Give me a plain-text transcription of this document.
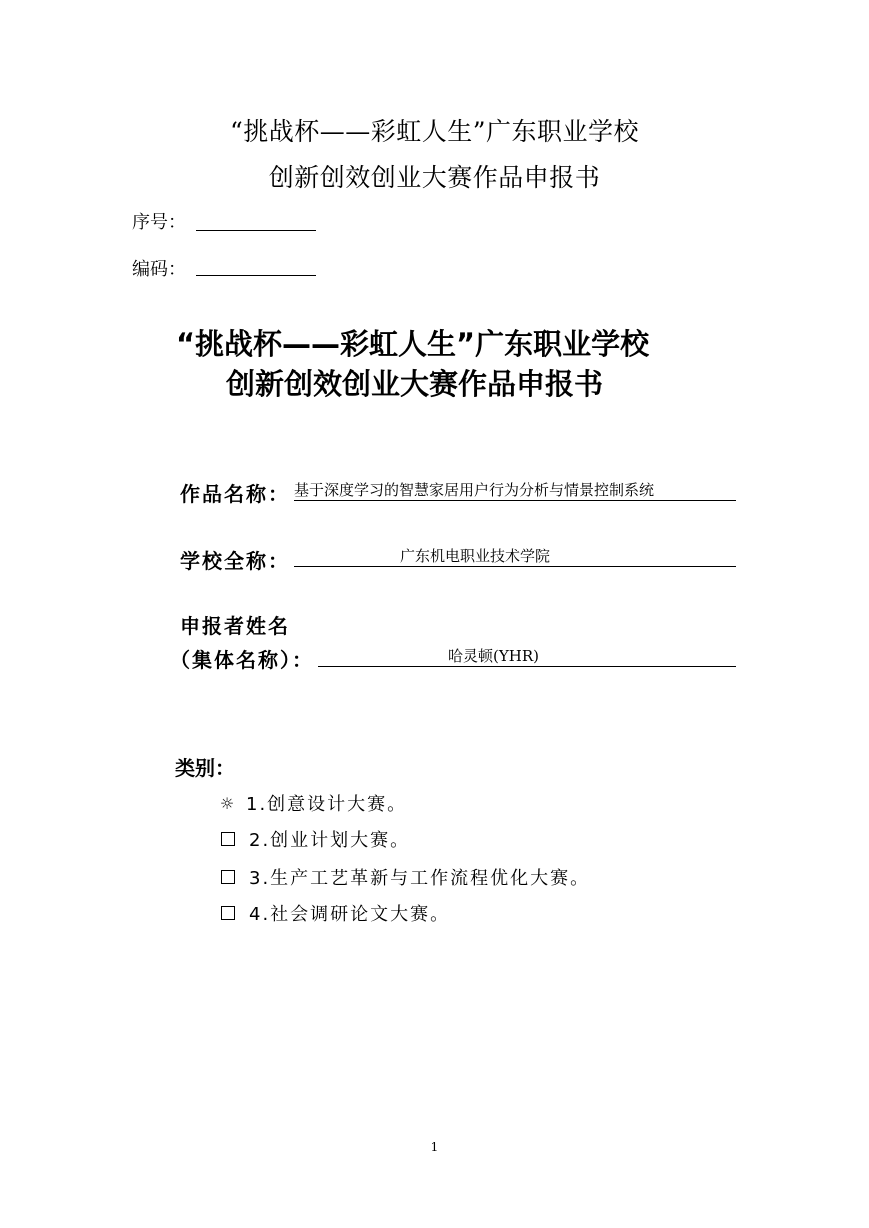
“挑战杯——彩虹人生”广东职业学校
创新创效创业大赛作品申报书
序号：
编码：
“挑战杯——彩虹人生”广东职业学校
创新创效创业大赛作品申报书
作品名称： 基于深度学习的智慧家居用户行为分析与情景控制系统
学校全称：	广东机电职业技术学院
申报者姓名
（集体名称）：	哈灵顿(YHR)
类别：
☼ 1.创意设计大赛。
2.创业计划大赛。
3.生产工艺革新与工作流程优化大赛。
4.社会调研论文大赛。
1
